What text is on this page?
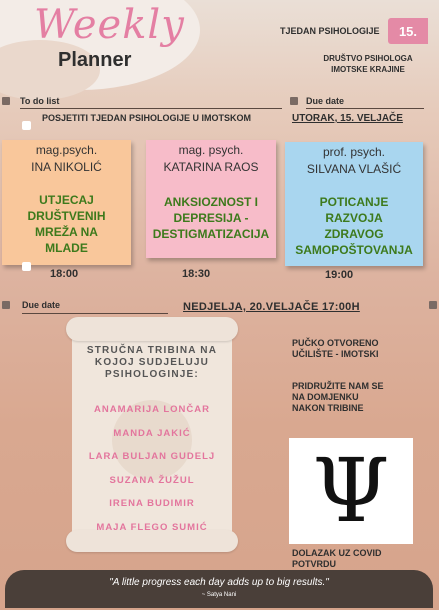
Weekly
Planner
TJEDAN PSIHOLOGIJE	15.
DRUŠTVO PSIHOLOGA IMOTSKE KRAJINE
To do list	Due date
POSJETITI TJEDAN PSIHOLOGIJE U IMOTSKOM	UTORAK, 15. VELJAČE
mag.psych.
INA NIKOLIĆ
UTJECAJ DRUŠTVENIH MREŽA NA MLADE
18:00
mag. psych.
KATARINA RAOS
ANKSIOZNOST I DEPRESIJA - DESTIGMATIZACIJA
18:30
prof. psych.
SILVANA VLAŠIĆ
POTICANJE RAZVOJA ZDRAVOG SAMOPOŠTOVANJA
19:00
Due date	NEDJELJA, 20.VELJAČE 17:00H
STRUČNA TRIBINA NA KOJOJ SUDJELUJU PSIHOLOGINJE:
ANAMARIJA LONČAR
MANDA JAKIĆ
LARA BULJAN GUDELJ
SUZANA ŽUŽUL
IRENA BUDIMIR
MAJA FLEGO SUMIĆ
PUČKO OTVORENO UČILIŠTE - IMOTSKI
PRIDRUŽITE NAM SE NA DOMJENKU NAKON TRIBINE
Ψ
DOLAZAK UZ COVID POTVRDU
"A little progress each day adds up to big results."
~ Satya Nani
